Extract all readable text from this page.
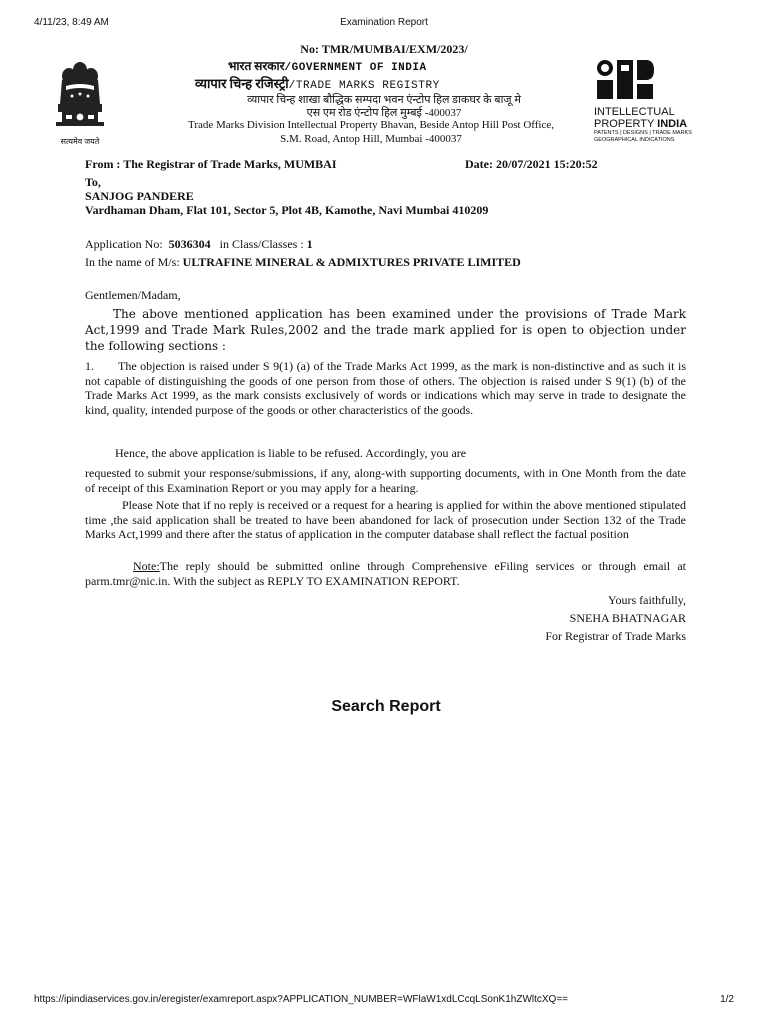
4/11/23, 8:49 AM	Examination Report
सत्यमेव जयते
No: TMR/MUMBAI/EXM/2023/
भारत सरकार/GOVERNMENT OF INDIA
व्यापार चिन्ह रजिस्ट्री/TRADE MARKS REGISTRY
व्यापार चिन्ह शाखा बौद्धिक सम्पदा भवन एंन्टोप हिल डाकघर के बाजू मे
एस एम रोड एंन्टोप हिल मुम्बई -400037
Trade Marks Division Intellectual Property Bhavan, Beside Antop Hill Post Office,
S.M. Road, Antop Hill, Mumbai -400037
INTELLECTUAL
PROPERTY INDIA
PATENTS | DESIGNS | TRADE MARKS
GEOGRAPHICAL INDICATIONS
From : The Registrar of Trade Marks, MUMBAI	Date: 20/07/2021 15:20:52
To,
SANJOG PANDERE
Vardhaman Dham, Flat 101, Sector 5, Plot 4B, Kamothe, Navi Mumbai 410209
Application No: 5036304 in Class/Classes : 1
In the name of M/s: ULTRAFINE MINERAL & ADMIXTURES PRIVATE LIMITED
Gentlemen/Madam,
The above mentioned application has been examined under the provisions of Trade Mark Act,1999 and Trade Mark Rules,2002 and the trade mark applied for is open to objection under the following sections :
1. The objection is raised under S 9(1) (a) of the Trade Marks Act 1999, as the mark is non-distinctive and as such it is not capable of distinguishing the goods of one person from those of others. The objection is raised under S 9(1) (b) of the Trade Marks Act 1999, as the mark consists exclusively of words or indications which may serve in trade to designate the kind, quality, intended purpose of the goods or other characteristics of the goods.
Hence, the above application is liable to be refused. Accordingly, you are
requested to submit your response/submissions, if any, along-with supporting documents, with in One Month from the date of receipt of this Examination Report or you may apply for a hearing.
Please Note that if no reply is received or a request for a hearing is applied for within the above mentioned stipulated time ,the said application shall be treated to have been abandoned for lack of prosecution under Section 132 of the Trade Marks Act,1999 and there after the status of application in the computer database shall reflect the factual position
Note:The reply should be submitted online through Comprehensive eFiling services or through email at parm.tmr@nic.in. With the subject as REPLY TO EXAMINATION REPORT.
Yours faithfully,
SNEHA BHATNAGAR
For Registrar of Trade Marks
Search Report
https://ipindiaservices.gov.in/eregister/examreport.aspx?APPLICATION_NUMBER=WFlaW1xdLCcqLSonK1hZWltcXQ==	1/2
